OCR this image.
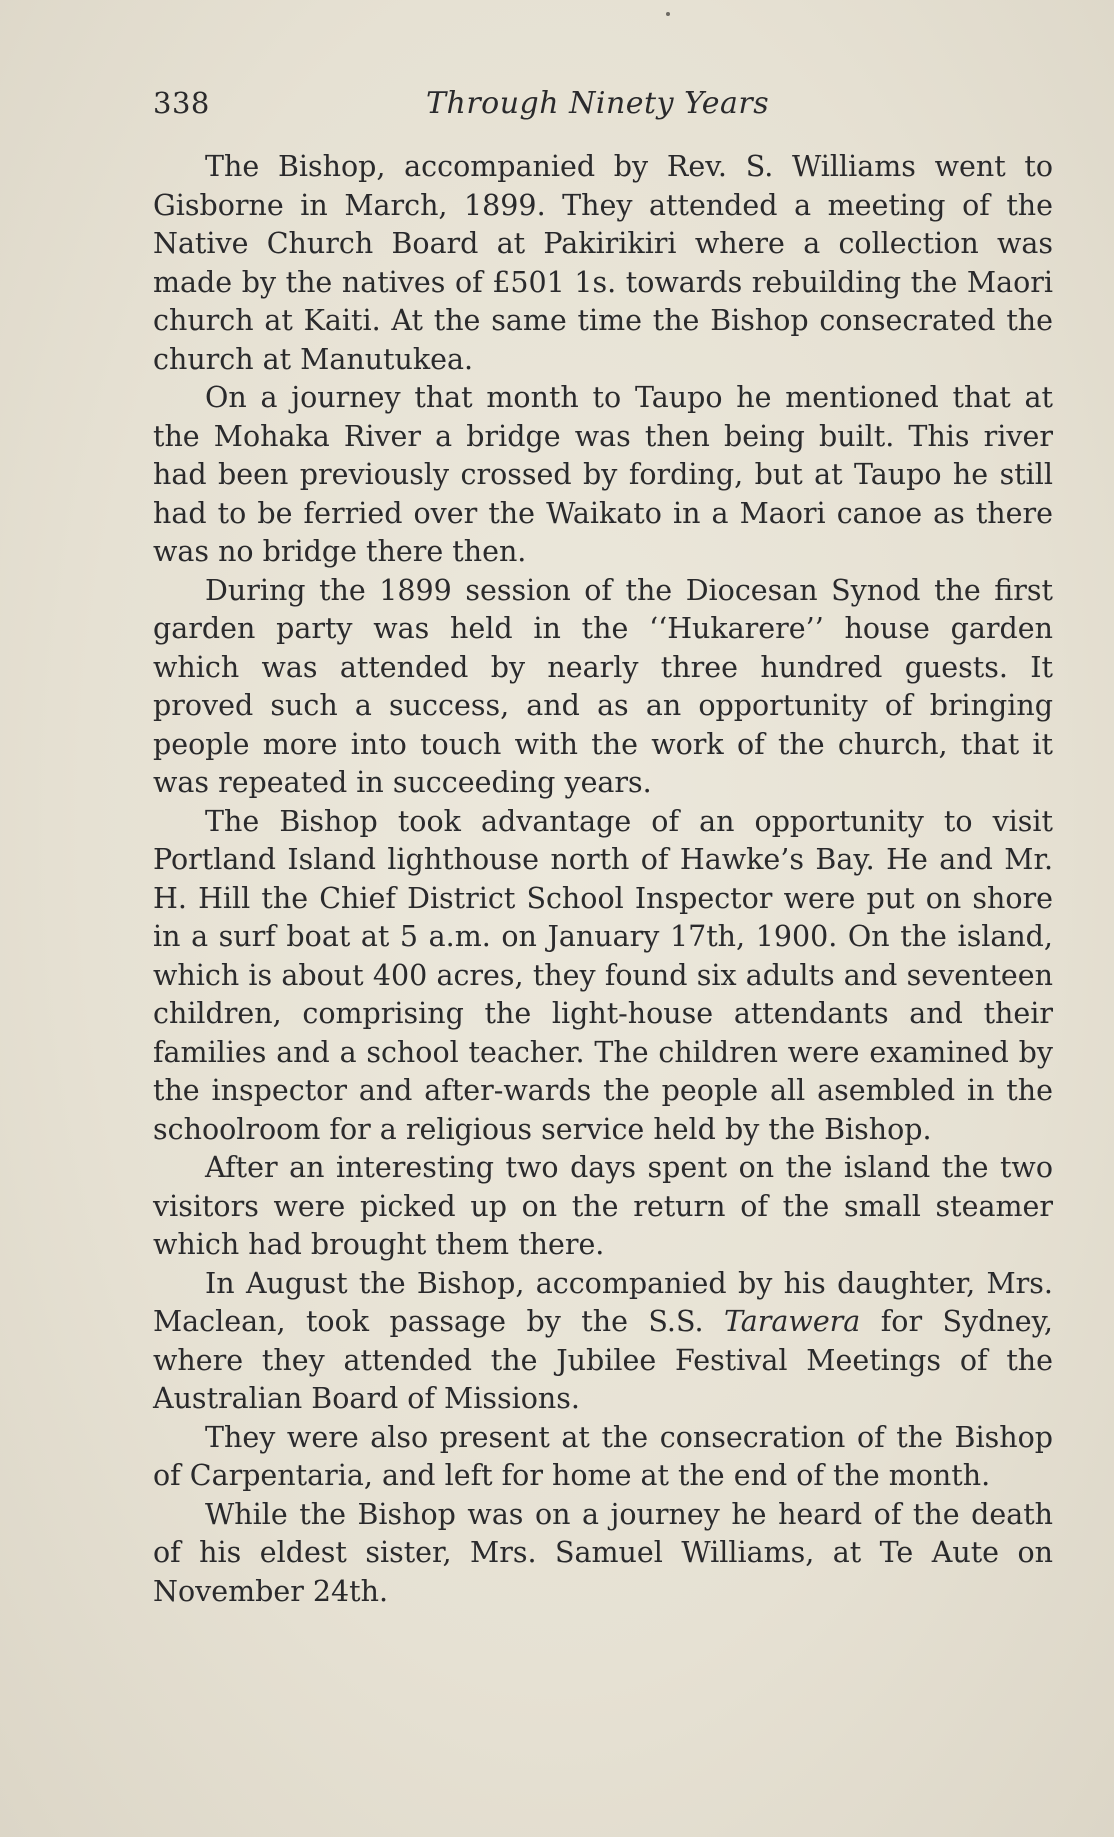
338	Through Ninety Years

The Bishop, accompanied by Rev. S. Williams went to Gisborne in March, 1899. They attended a meeting of the Native Church Board at Pakirikiri where a collection was made by the natives of £501 1s. towards rebuilding the Maori church at Kaiti. At the same time the Bishop consecrated the church at Manutukea.

On a journey that month to Taupo he mentioned that at the Mohaka River a bridge was then being built. This river had been previously crossed by fording, but at Taupo he still had to be ferried over the Waikato in a Maori canoe as there was no bridge there then.

During the 1899 session of the Diocesan Synod the first garden party was held in the ‘‘Hukarere’’ house garden which was attended by nearly three hundred guests. It proved such a success, and as an opportunity of bringing people more into touch with the work of the church, that it was repeated in succeeding years.

The Bishop took advantage of an opportunity to visit Portland Island lighthouse north of Hawke’s Bay. He and Mr. H. Hill the Chief District School Inspector were put on shore in a surf boat at 5 a.m. on January 17th, 1900. On the island, which is about 400 acres, they found six adults and seventeen children, comprising the light-house attendants and their families and a school teacher. The children were examined by the inspector and after-wards the people all asembled in the schoolroom for a religious service held by the Bishop.

After an interesting two days spent on the island the two visitors were picked up on the return of the small steamer which had brought them there.

In August the Bishop, accompanied by his daughter, Mrs. Maclean, took passage by the S.S. Tarawera for Sydney, where they attended the Jubilee Festival Meetings of the Australian Board of Missions.

They were also present at the consecration of the Bishop of Carpentaria, and left for home at the end of the month.

While the Bishop was on a journey he heard of the death of his eldest sister, Mrs. Samuel Williams, at Te Aute on November 24th.
